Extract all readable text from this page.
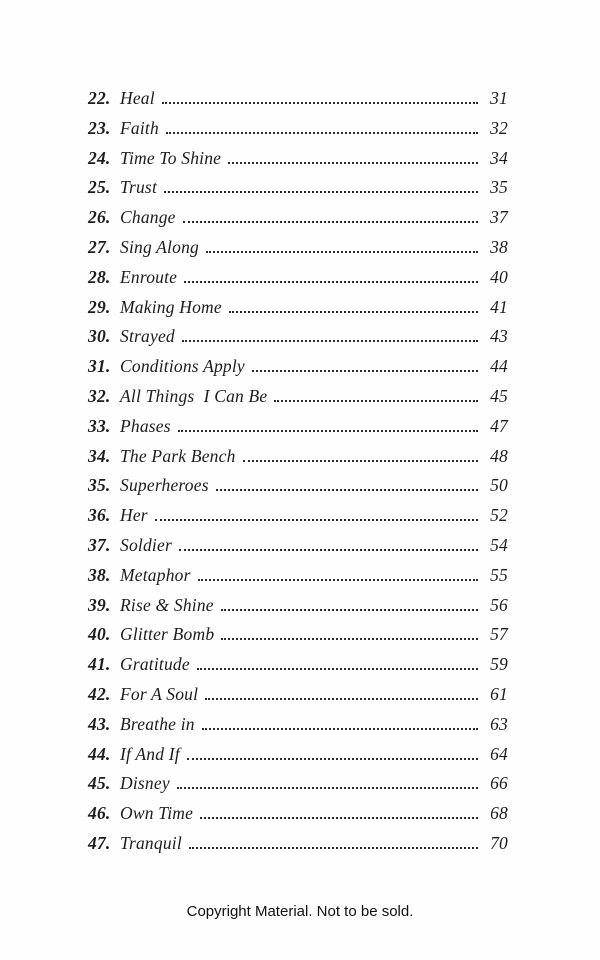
22. Heal	31
23. Faith	32
24. Time To Shine	34
25. Trust	35
26. Change	37
27. Sing Along	38
28. Enroute	40
29. Making Home	41
30. Strayed	43
31. Conditions Apply	44
32. All Things  I Can Be	45
33. Phases	47
34. The Park Bench	48
35. Superheroes	50
36. Her	52
37. Soldier	54
38. Metaphor	55
39. Rise & Shine	56
40. Glitter Bomb	57
41. Gratitude	59
42. For A Soul	61
43. Breathe in	63
44. If And If	64
45. Disney	66
46. Own Time	68
47. Tranquil	70
Copyright Material. Not to be sold.
